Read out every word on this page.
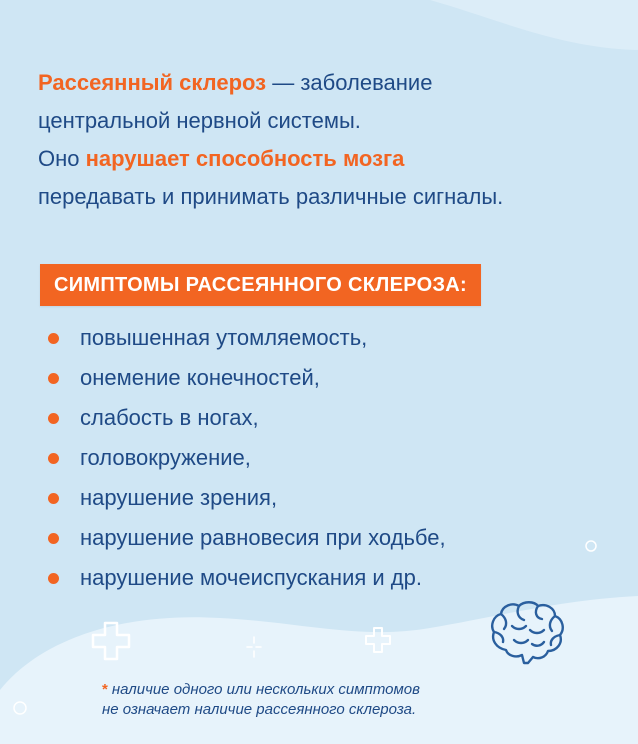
Рассеянный склероз — заболевание
центральной нервной системы.
Оно нарушает способность мозга
передавать и принимать различные сигналы.
СИМПТОМЫ РАССЕЯННОГО СКЛЕРОЗА:
повышенная утомляемость,
онемение конечностей,
слабость в ногах,
головокружение,
нарушение зрения,
нарушение равновесия при ходьбе,
нарушение мочеиспускания и др.
* наличие одного или нескольких симптомов
не означает наличие рассеянного склероза.
